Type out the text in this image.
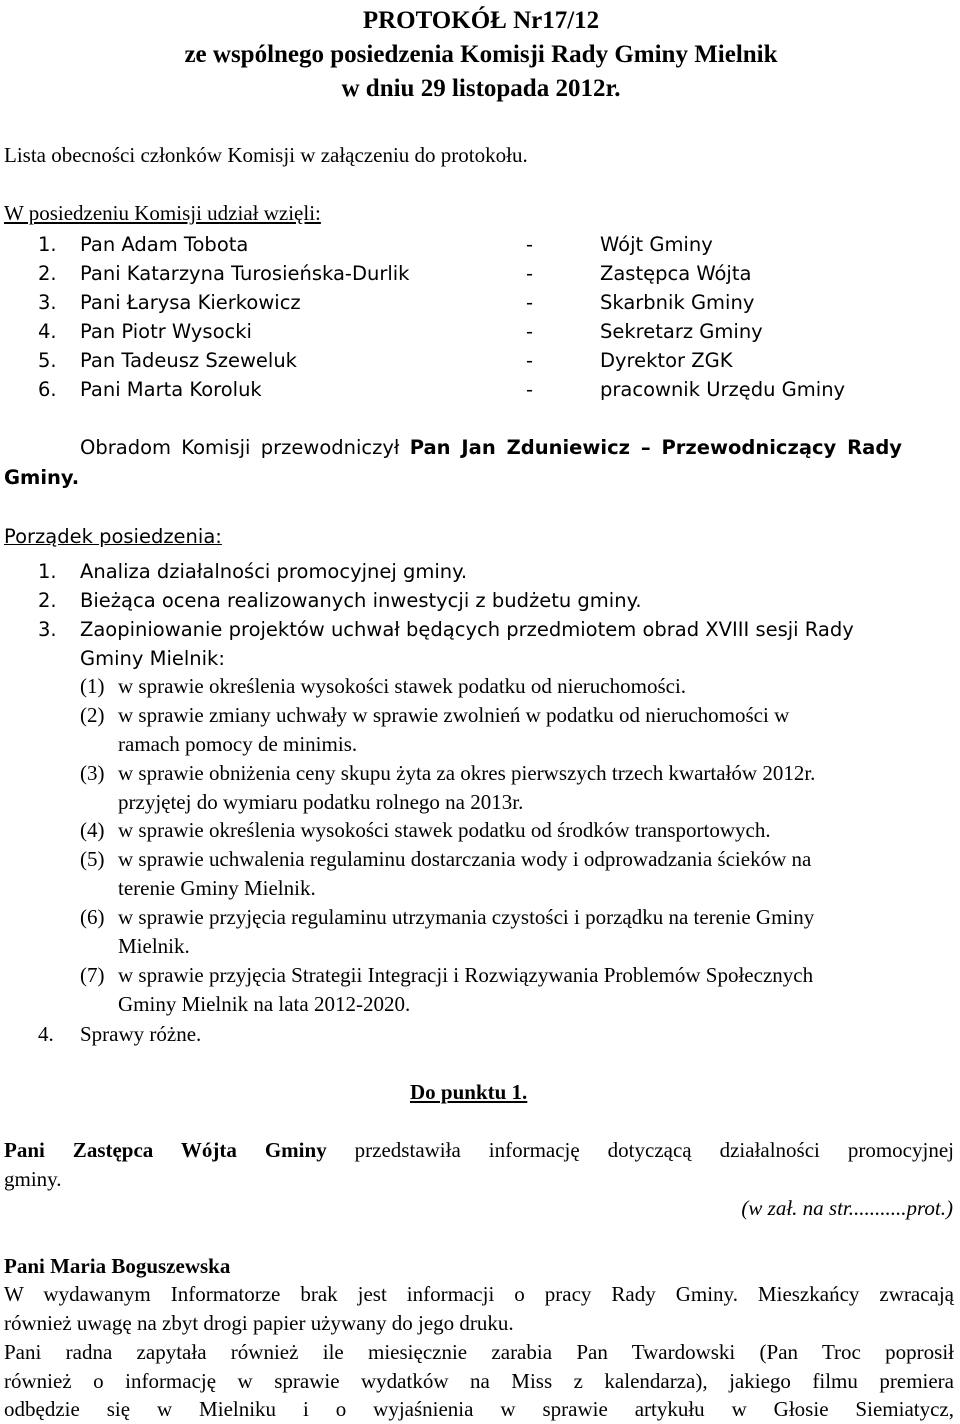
PROTOKÓŁ Nr17/12
ze wspólnego posiedzenia Komisji Rady Gminy Mielnik
w dniu 29 listopada 2012r.
Lista obecności członków Komisji w załączeniu do protokołu.
W posiedzeniu Komisji udział wzięli:
1. Pan Adam Tobota	-	Wójt Gminy
2. Pani Katarzyna Turosieńska-Durlik	-	Zastępca Wójta
3. Pani Łarysa Kierkowicz	-	Skarbnik Gminy
4. Pan Piotr Wysocki	-	Sekretarz Gminy
5. Pan Tadeusz Szeweluk	-	Dyrektor ZGK
6. Pani Marta Koroluk	-	pracownik Urzędu Gminy
Obradom Komisji przewodniczył Pan Jan Zduniewicz – Przewodniczący Rady
Gminy.
Porządek posiedzenia:
1. Analiza działalności promocyjnej gminy.
2. Bieżąca ocena realizowanych inwestycji z budżetu gminy.
3. Zaopiniowanie projektów uchwał będących przedmiotem obrad XVIII sesji Rady
Gminy Mielnik:
(1) w sprawie określenia wysokości stawek podatku od nieruchomości.
(2) w sprawie zmiany uchwały w sprawie zwolnień w podatku od nieruchomości w
ramach pomocy de minimis.
(3) w sprawie obniżenia ceny skupu żyta za okres pierwszych trzech kwartałów 2012r.
przyjętej do wymiaru podatku rolnego na 2013r.
(4) w sprawie określenia wysokości stawek podatku od środków transportowych.
(5) w sprawie uchwalenia regulaminu dostarczania wody i odprowadzania ścieków na
terenie Gminy Mielnik.
(6) w sprawie przyjęcia regulaminu utrzymania czystości i porządku na terenie Gminy
Mielnik.
(7) w sprawie przyjęcia Strategii Integracji i Rozwiązywania Problemów Społecznych
Gminy Mielnik na lata 2012-2020.
4. Sprawy różne.
Do punktu 1.
Pani Zastępca Wójta Gminy przedstawiła informację dotyczącą działalności promocyjnej
gminy.
(w zał. na str...........prot.)
Pani Maria Boguszewska
W wydawanym Informatorze brak jest informacji o pracy Rady Gminy. Mieszkańcy zwracają
również uwagę na zbyt drogi papier używany do jego druku.
Pani radna zapytała również ile miesięcznie zarabia Pan Twardowski (Pan Troc poprosił
również o informację w sprawie wydatków na Miss z kalendarza), jakiego filmu premiera
odbędzie się w Mielniku i o wyjaśnienia w sprawie artykułu w Głosie Siemiatycz,
